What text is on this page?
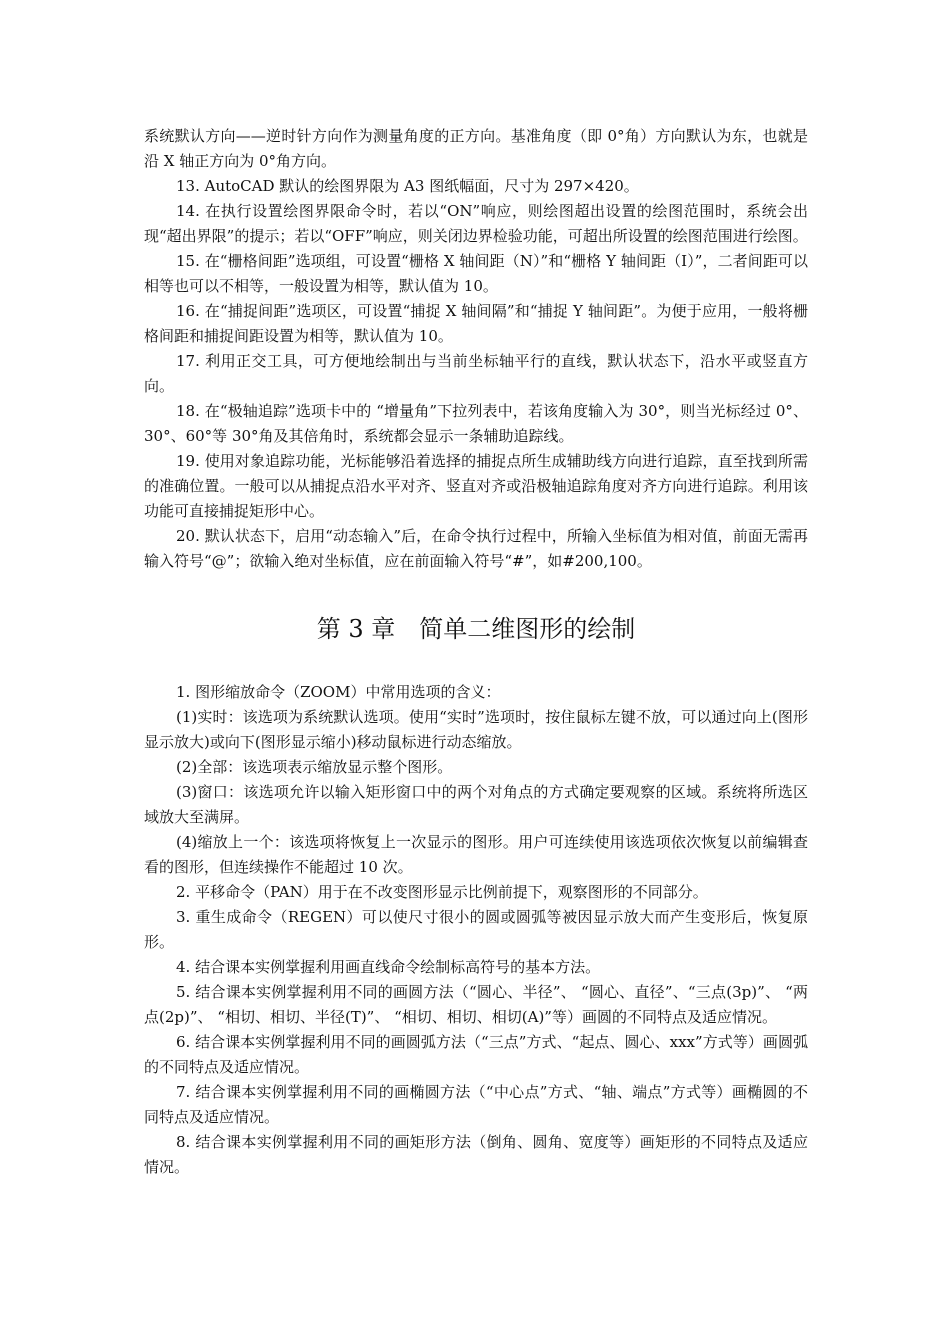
系统默认方向——逆时针方向作为测量角度的正方向。基准角度（即 0°角）方向默认为东，也就是沿 X 轴正方向为 0°角方向。

13. AutoCAD 默认的绘图界限为 A3 图纸幅面，尺寸为 297×420。

14. 在执行设置绘图界限命令时，若以“ON”响应，则绘图超出设置的绘图范围时，系统会出现“超出界限”的提示；若以“OFF”响应，则关闭边界检验功能，可超出所设置的绘图范围进行绘图。

15. 在“栅格间距”选项组，可设置“栅格 X 轴间距（N）”和“栅格 Y 轴间距（I）”，二者间距可以相等也可以不相等，一般设置为相等，默认值为 10。

16. 在“捕捉间距”选项区，可设置“捕捉 X 轴间隔”和“捕捉 Y 轴间距”。为便于应用，一般将栅格间距和捕捉间距设置为相等，默认值为 10。

17. 利用正交工具，可方便地绘制出与当前坐标轴平行的直线，默认状态下，沿水平或竖直方向。

18. 在“极轴追踪”选项卡中的 “增量角”下拉列表中，若该角度输入为 30°，则当光标经过 0°、30°、60°等 30°角及其倍角时，系统都会显示一条辅助追踪线。

19. 使用对象追踪功能，光标能够沿着选择的捕捉点所生成辅助线方向进行追踪，直至找到所需的准确位置。一般可以从捕捉点沿水平对齐、竖直对齐或沿极轴追踪角度对齐方向进行追踪。利用该功能可直接捕捉矩形中心。

20. 默认状态下，启用“动态输入”后，在命令执行过程中，所输入坐标值为相对值，前面无需再输入符号“@”；欲输入绝对坐标值，应在前面输入符号“#”，如#200,100。

第 3 章　简单二维图形的绘制

1. 图形缩放命令（ZOOM）中常用选项的含义：

(1)实时：该选项为系统默认选项。使用“实时”选项时，按住鼠标左键不放，可以通过向上(图形显示放大)或向下(图形显示缩小)移动鼠标进行动态缩放。

(2)全部：该选项表示缩放显示整个图形。

(3)窗口：该选项允许以输入矩形窗口中的两个对角点的方式确定要观察的区域。系统将所选区域放大至满屏。

(4)缩放上一个：该选项将恢复上一次显示的图形。用户可连续使用该选项依次恢复以前编辑查看的图形，但连续操作不能超过 10 次。

2. 平移命令（PAN）用于在不改变图形显示比例前提下，观察图形的不同部分。

3. 重生成命令（REGEN）可以使尺寸很小的圆或圆弧等被因显示放大而产生变形后，恢复原形。

4. 结合课本实例掌握利用画直线命令绘制标高符号的基本方法。

5. 结合课本实例掌握利用不同的画圆方法（“圆心、半径”、 “圆心、直径”、“三点(3p)”、 “两点(2p)”、 “相切、相切、半径(T)”、 “相切、相切、相切(A)”等）画圆的不同特点及适应情况。

6. 结合课本实例掌握利用不同的画圆弧方法（“三点”方式、“起点、圆心、xxx”方式等）画圆弧的不同特点及适应情况。

7. 结合课本实例掌握利用不同的画椭圆方法（“中心点”方式、“轴、端点”方式等）画椭圆的不同特点及适应情况。

8. 结合课本实例掌握利用不同的画矩形方法（倒角、圆角、宽度等）画矩形的不同特点及适应情况。
